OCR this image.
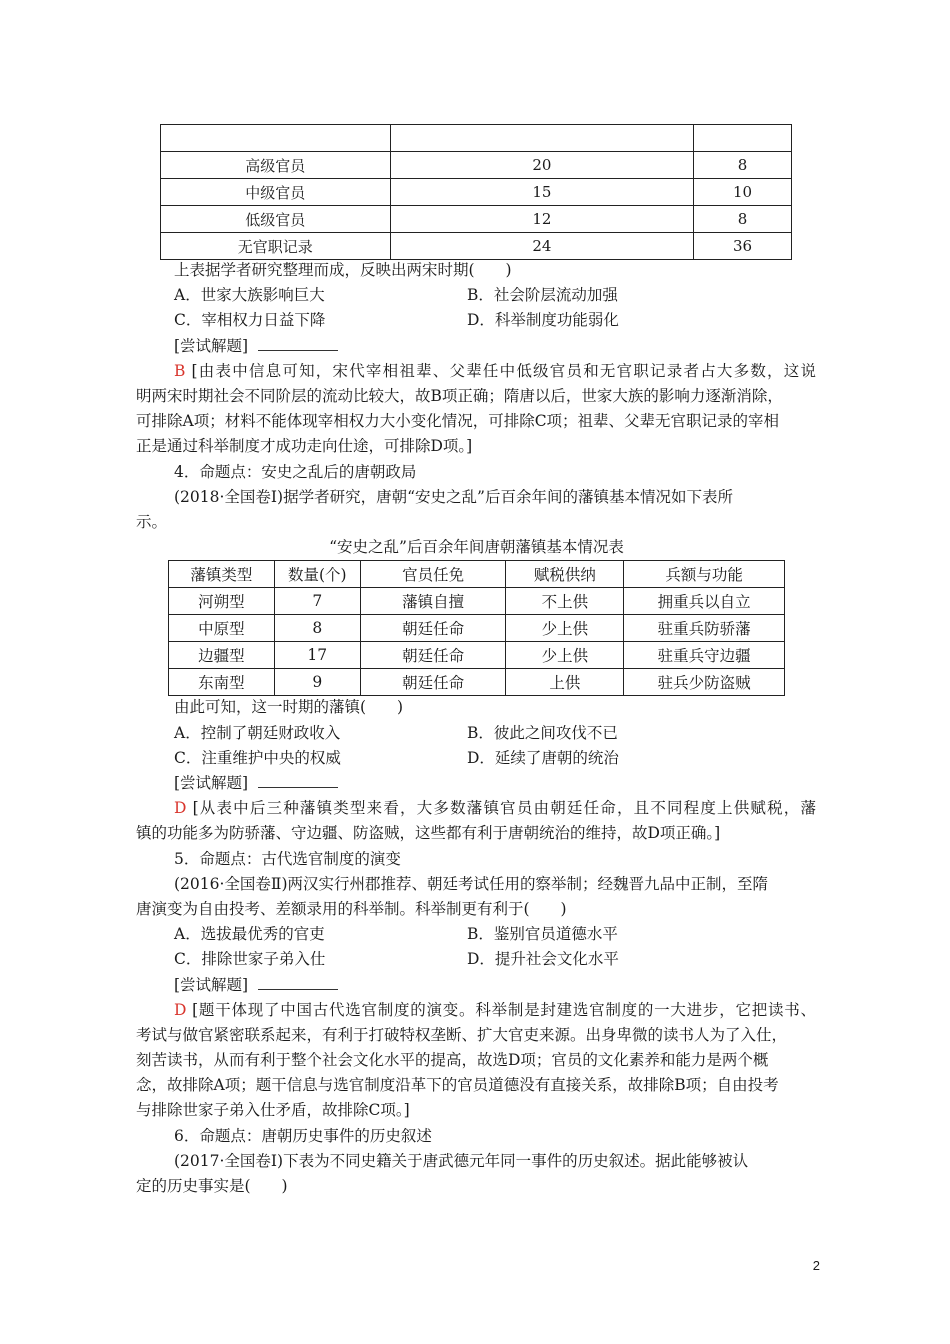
高级官员	20	8
中级官员	15	10
低级官员	12	8
无官职记录	24	36
上表据学者研究整理而成，反映出两宋时期(　　)
A．世家大族影响巨大	B．社会阶层流动加强
C．宰相权力日益下降	D．科举制度功能弱化
[尝试解题]
B [由表中信息可知，宋代宰相祖辈、父辈任中低级官员和无官职记录者占大多数，这说
明两宋时期社会不同阶层的流动比较大，故B项正确；隋唐以后，世家大族的影响力逐渐消除，
可排除A项；材料不能体现宰相权力大小变化情况，可排除C项；祖辈、父辈无官职记录的宰相
正是通过科举制度才成功走向仕途，可排除D项。]
4．命题点：安史之乱后的唐朝政局
(2018·全国卷Ⅰ)据学者研究，唐朝“安史之乱”后百余年间的藩镇基本情况如下表所
示。
“安史之乱”后百余年间唐朝藩镇基本情况表
藩镇类型	数量(个)	官员任免	赋税供纳	兵额与功能
河朔型	7	藩镇自擅	不上供	拥重兵以自立
中原型	8	朝廷任命	少上供	驻重兵防骄藩
边疆型	17	朝廷任命	少上供	驻重兵守边疆
东南型	9	朝廷任命	上供	驻兵少防盗贼
由此可知，这一时期的藩镇(　　)
A．控制了朝廷财政收入	B．彼此之间攻伐不已
C．注重维护中央的权威	D．延续了唐朝的统治
[尝试解题]
D [从表中后三种藩镇类型来看，大多数藩镇官员由朝廷任命，且不同程度上供赋税，藩
镇的功能多为防骄藩、守边疆、防盗贼，这些都有利于唐朝统治的维持，故D项正确。]
5．命题点：古代选官制度的演变
(2016·全国卷Ⅱ)两汉实行州郡推荐、朝廷考试任用的察举制；经魏晋九品中正制，至隋
唐演变为自由投考、差额录用的科举制。科举制更有利于(　　)
A．选拔最优秀的官吏	B．鉴别官员道德水平
C．排除世家子弟入仕	D．提升社会文化水平
[尝试解题]
D [题干体现了中国古代选官制度的演变。科举制是封建选官制度的一大进步，它把读书、
考试与做官紧密联系起来，有利于打破特权垄断、扩大官吏来源。出身卑微的读书人为了入仕，
刻苦读书，从而有利于整个社会文化水平的提高，故选D项；官员的文化素养和能力是两个概
念，故排除A项；题干信息与选官制度沿革下的官员道德没有直接关系，故排除B项；自由投考
与排除世家子弟入仕矛盾，故排除C项。]
6．命题点：唐朝历史事件的历史叙述
(2017·全国卷Ⅰ)下表为不同史籍关于唐武德元年同一事件的历史叙述。据此能够被认
定的历史事实是(　　)
2
